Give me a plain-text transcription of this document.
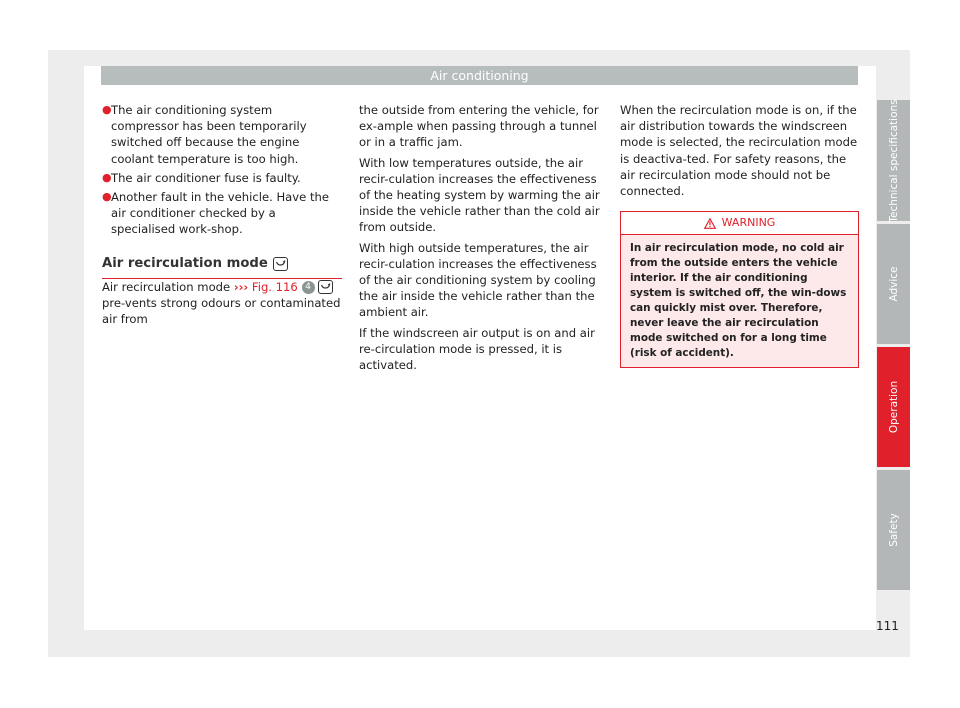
Air conditioning
● The air conditioning system compressor has been temporarily switched off because the engine coolant temperature is too high.
● The air conditioner fuse is faulty.
● Another fault in the vehicle. Have the air conditioner checked by a specialised work-shop.
Air recirculation mode

Air recirculation mode ››› Fig. 116 4
pre-vents strong odours or contaminated air from

the outside from entering the vehicle, for ex-ample when passing through a tunnel or in a traffic jam.

With low temperatures outside, the air recir-culation increases the effectiveness of the heating system by warming the air inside the vehicle rather than the cold air from outside.

With high outside temperatures, the air recir-culation increases the effectiveness of the air conditioning system by cooling the air inside the vehicle rather than the ambient air.

If the windscreen air output is on and air re-circulation mode is pressed, it is activated.

When the recirculation mode is on, if the air distribution towards the windscreen mode is selected, the recirculation mode is deactiva-ted. For safety reasons, the air recirculation mode should not be connected.

WARNING
In air recirculation mode, no cold air from the outside enters the vehicle interior. If the air conditioning system is switched off, the win-dows can quickly mist over. Therefore, never leave the air recirculation mode switched on for a long time (risk of accident).
Technical specifications
Advice
Operation
Safety
111
